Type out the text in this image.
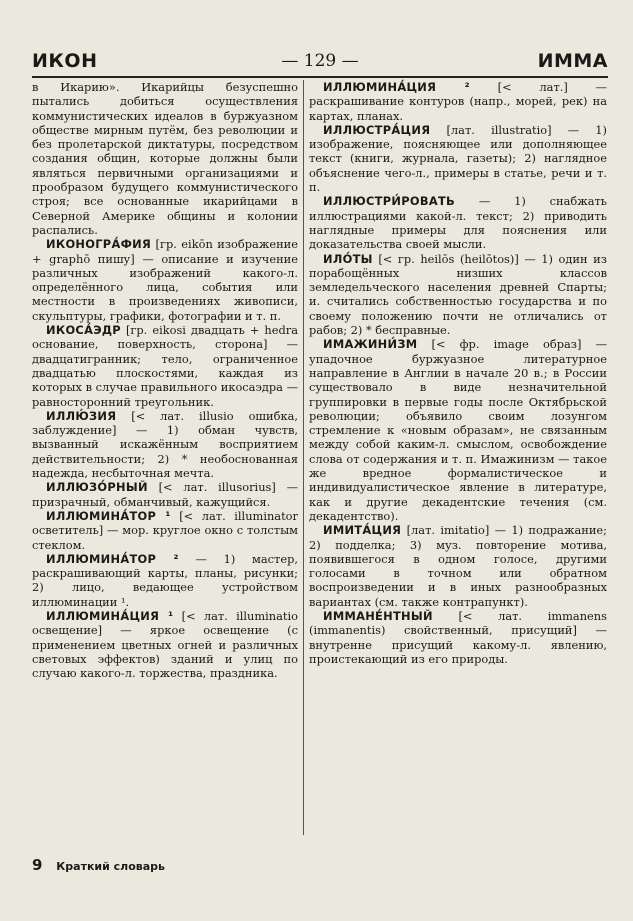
ИКОН	— 129 —	ИММА

в Икарию». Икарийцы безуспешно пытались добиться осуществления коммунистических идеалов в буржуазном обществе мирным путём, без революции и без пролетарской диктатуры, посредством создания общин, которые должны были являться первичными организациями и прообразом будущего коммунистического строя; все основанные икарийцами в Северной Америке общины и колонии распались.

ИКОНОГРА́ФИЯ [гр. eikōn изображение + graphō пишу] — описание и изучение различных изображений какого-л. определённого лица, события или местности в произведениях живописи, скульптуры, графики, фотографии и т. п.

ИКОСА́ЭДР [гр. eikosi двадцать + hedra основание, поверхность, сторона] — двадцатигранник; тело, ограниченное двадцатью плоскостями, каждая из которых в случае правильного икосаэдра — равносторонний треугольник.

ИЛЛЮ́ЗИЯ [< лат. illusio ошибка, заблуждение] — 1) обман чувств, вызванный искажённым восприятием действительности; 2) * необоснованная надежда, несбыточная мечта.

ИЛЛЮЗО́РНЫЙ [< лат. illusorius] — призрачный, обманчивый, кажущийся.

ИЛЛЮМИНА́ТОР ¹ [< лат. illuminator осветитель] — мор. круглое окно с толстым стеклом.

ИЛЛЮМИНА́ТОР ² — 1) мастер, раскрашивающий карты, планы, рисунки; 2) лицо, ведающее устройством иллюминации ¹.

ИЛЛЮМИНА́ЦИЯ ¹ [< лат. illuminatio освещение] — яркое освещение (с применением цветных огней и различных световых эффектов) зданий и улиц по случаю какого-л. торжества, праздника.

ИЛЛЮМИНА́ЦИЯ ² [< лат.] — раскрашивание контуров (напр., морей, рек) на картах, планах.

ИЛЛЮСТРА́ЦИЯ [лат. illustratio] — 1) изображение, поясняющее или дополняющее текст (книги, журнала, газеты); 2) наглядное объяснение чего-л., примеры в статье, речи и т. п.

ИЛЛЮСТРИ́РОВАТЬ — 1) снабжать иллюстрациями какой-л. текст; 2) приводить наглядные примеры для пояснения или доказательства своей мысли.

ИЛО́ТЫ [< гр. heilōs (heilōtos)] — 1) один из порабощённых низших классов земледельческого населения древней Спарты; и. считались собственностью государства и по своему положению почти не отличались от рабов; 2) * бесправные.

ИМАЖИНИ́ЗМ [< фр. image образ] — упадочное буржуазное литературное направление в Англии в начале 20 в.; в России существовало в виде незначительной группировки в первые годы после Октябрьской революции; объявило своим лозунгом стремление к «новым образам», не связанным между собой каким-л. смыслом, освобождение слова от содержания и т. п. Имажинизм — такое же вредное формалистическое и индивидуалистическое явление в литературе, как и другие декадентские течения (см. декадентство).

ИМИТА́ЦИЯ [лат. imitatio] — 1) подражание; 2) подделка; 3) муз. повторение мотива, появившегося в одном голосе, другими голосами в точном или обратном воспроизведении и в иных разнообразных вариантах (см. также контрапункт).

ИММАНЕ́НТНЫЙ [< лат. immanens (immanentis) свойственный, присущий] — внутренне присущий какому-л. явлению, проистекающий из его природы.

9 Краткий словарь
